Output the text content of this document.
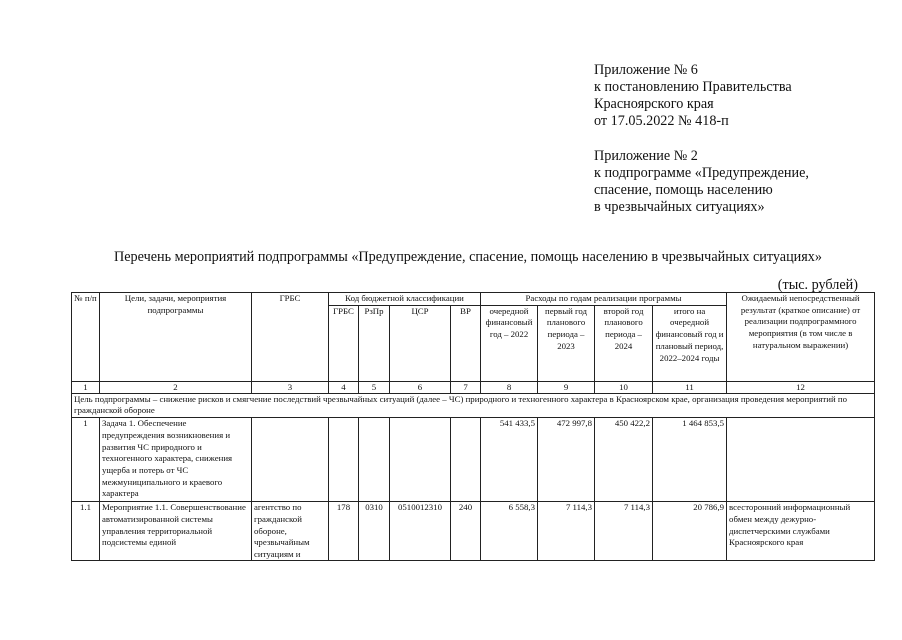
Приложение № 6
к постановлению Правительства
Красноярского края
от 17.05.2022 № 418-п
Приложение № 2
к подпрограмме «Предупреждение,
спасение, помощь населению
в чрезвычайных ситуациях»
Перечень мероприятий подпрограммы «Предупреждение, спасение, помощь населению в чрезвычайных ситуациях»
(тыс. рублей)
№ п/п	Цели, задачи, мероприятия подпрограммы	ГРБС	Код бюджетной классификации				Расходы по годам реализации программы				Ожидаемый непосредственный результат (краткое описание) от реализации подпрограммного мероприятия (в том числе в натуральном выражении)
			ГРБС	РзПр	ЦСР	ВР	очередной финансовый год – 2022	первый год планового периода – 2023	второй год планового периода – 2024	итого на очередной финансовый год и плановый период, 2022–2024 годы	
1	2	3	4	5	6	7	8	9	10	11	12
Цель подпрограммы – снижение рисков и смягчение последствий чрезвычайных ситуаций (далее – ЧС) природного и техногенного характера в Красноярском крае, организация проведения мероприятий по гражданской обороне											
1	Задача 1. Обеспечение предупреждения возникновения и развития ЧС природного и техногенного характера, снижения ущерба и потерь от ЧС межмуниципального и краевого характера						541 433,5	472 997,8	450 422,2	1 464 853,5	
1.1	Мероприятие 1.1. Совершенствование автоматизированной системы управления территориальной подсистемы единой	агентство по гражданской обороне, чрезвычайным ситуациям и	178	0310	0510012310	240	6 558,3	7 114,3	7 114,3	20 786,9	всесторонний информационный обмен между дежурно-диспетчерскими службами Красноярского края
